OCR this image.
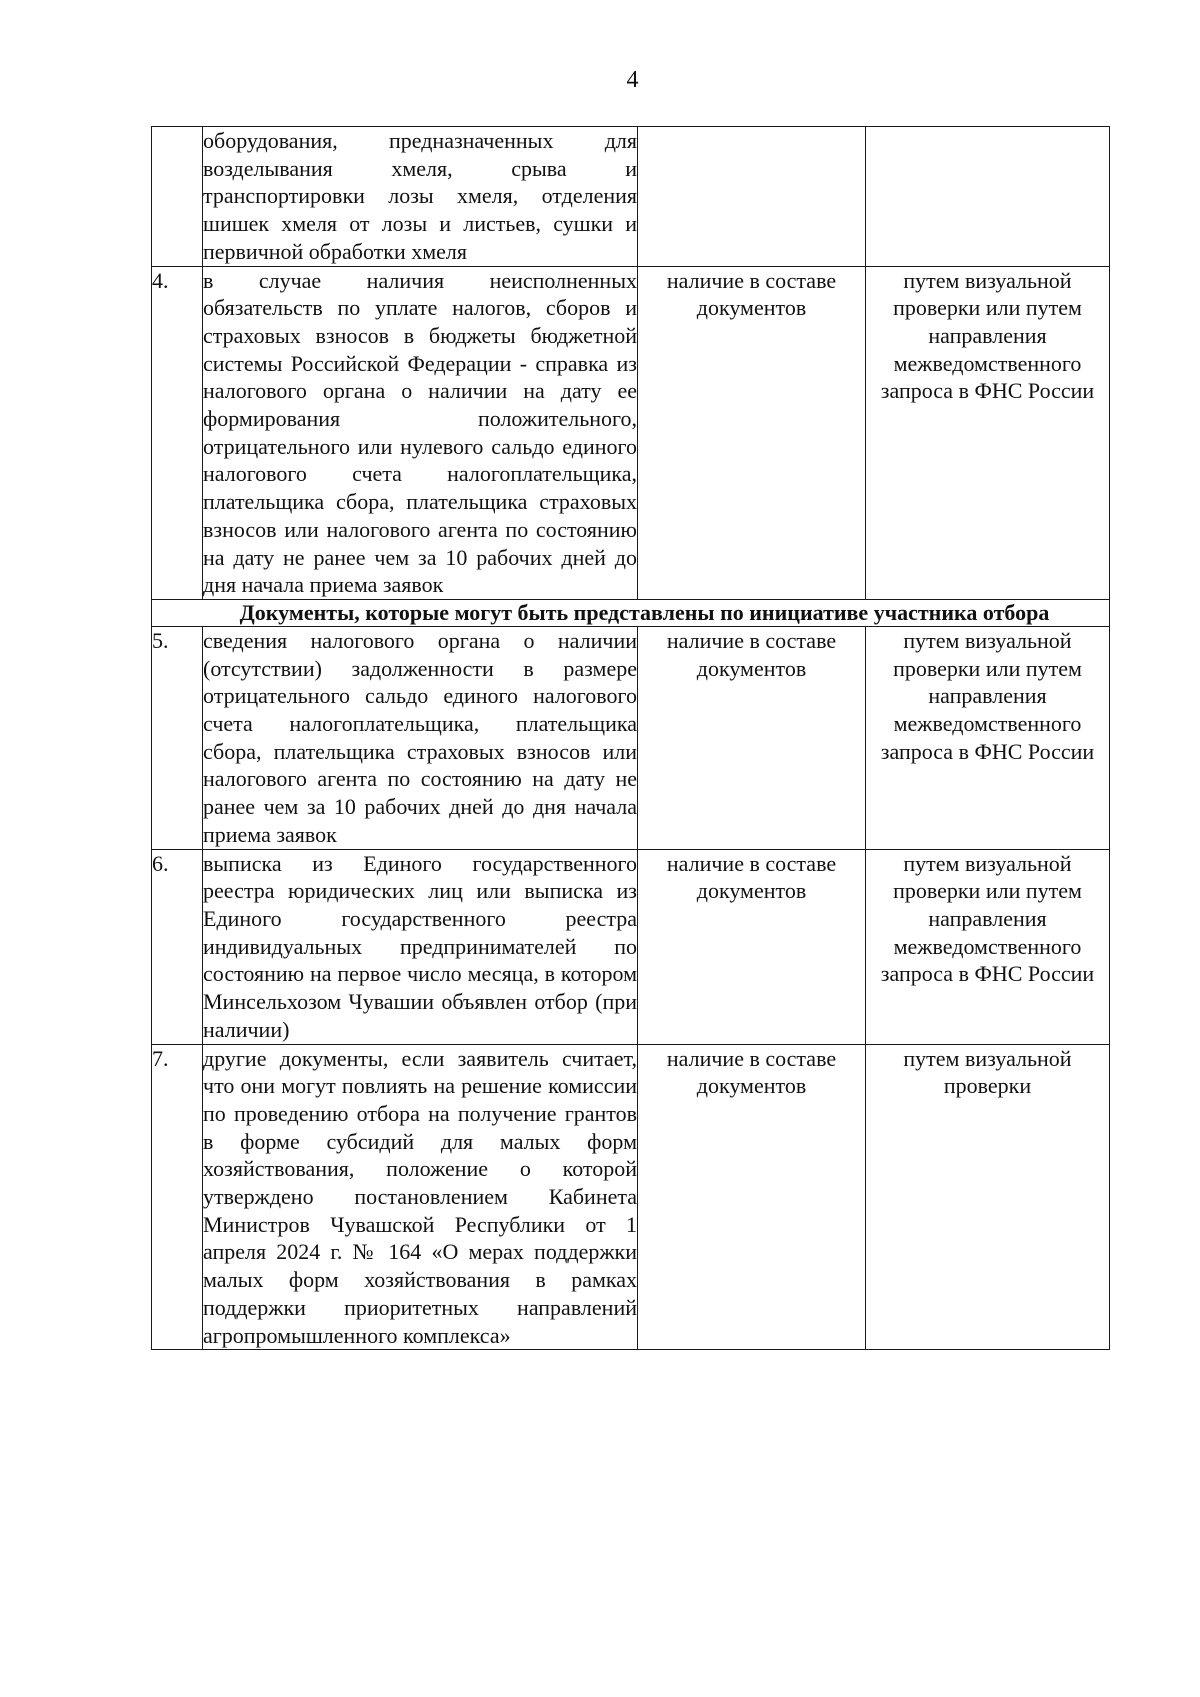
4
	оборудования, предназначенных для возделывания хмеля, срыва и транспортировки лозы хмеля, отделения шишек хмеля от лозы и листьев, сушки и первичной обработки хмеля		
4.	в случае наличия неисполненных обязательств по уплате налогов, сборов и страховых взносов в бюджеты бюджетной системы Российской Федерации - справка из налогового органа о наличии на дату ее формирования положительного, отрицательного или нулевого сальдо единого налогового счета налогоплательщика, плательщика сбора, плательщика страховых взносов или налогового агента по состоянию на дату не ранее чем за 10 рабочих дней до дня начала приема заявок	наличие в составе документов	путем визуальной проверки или путем направления межведомственного запроса в ФНС России
Документы, которые могут быть представлены по инициативе участника отбора			
5.	сведения налогового органа о наличии (отсутствии) задолженности в размере отрицательного сальдо единого налогового счета налогоплательщика, плательщика сбора, плательщика страховых взносов или налогового агента по состоянию на дату не ранее чем за 10 рабочих дней до дня начала приема заявок	наличие в составе документов	путем визуальной проверки или путем направления межведомственного запроса в ФНС России
6.	выписка из Единого государственного реестра юридических лиц или выписка из Единого государственного реестра индивидуальных предпринимателей по состоянию на первое число месяца, в котором Минсельхозом Чувашии объявлен отбор (при наличии)	наличие в составе документов	путем визуальной проверки или путем направления межведомственного запроса в ФНС России
7.	другие документы, если заявитель считает, что они могут повлиять на решение комиссии по проведению отбора на получение грантов в форме субсидий для малых форм хозяйствования, положение о которой утверждено постановлением Кабинета Министров Чувашской Республики от 1 апреля 2024 г. № 164 «О мерах поддержки малых форм хозяйствования в рамках поддержки приоритетных направлений агропромышленного комплекса»	наличие в составе документов	путем визуальной проверки
